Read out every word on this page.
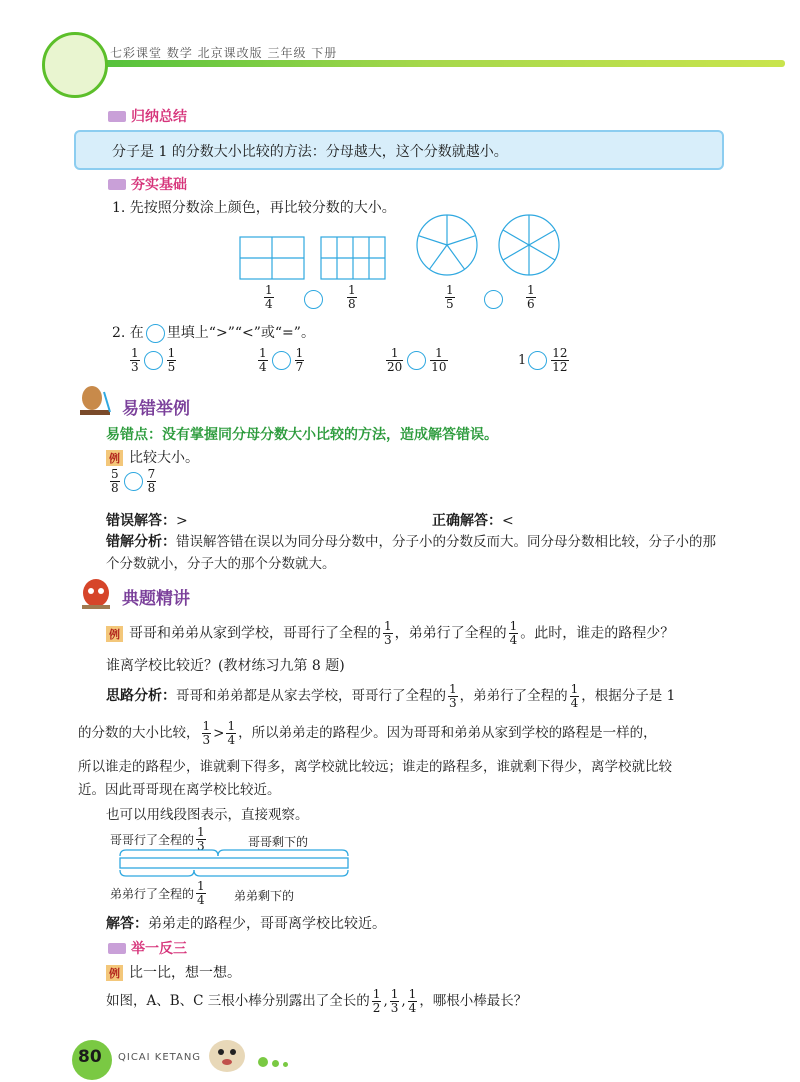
七彩课堂 数学 北京课改版 三年级 下册
归纳总结
分子是 1 的分数大小比较的方法：分母越大，这个分数就越小。
夯实基础
1. 先按照分数涂上颜色，再比较分数的大小。
$\frac{1}{4}$	$\frac{1}{8}$	$\frac{1}{5}$	$\frac{1}{6}$
2. 在 里填上“>”“<”或“=”。
$\frac{1}{3} \frac{1}{5}$	$\frac{1}{4} \frac{1}{7}$	$\frac{1}{20} \frac{1}{10}$	$1 \frac{12}{12}$
易错举例
易错点：没有掌握同分母分数大小比较的方法，造成解答错误。
例 比较大小。
$\frac{5}{8} \frac{7}{8}$
错误解答：>	正确解答：<
错解分析：错误解答错在误以为同分母分数中，分子小的分数反而大。同分母分数相比较，分子小的那个分数就小，分子大的那个分数就大。
典题精讲
例 哥哥和弟弟从家到学校，哥哥行了全程的 $\frac{1}{3}$ ，弟弟行了全程的 $\frac{1}{4}$ 。此时，谁走的路程少？
谁离学校比较近？(教材练习九第 8 题)
思路分析：哥哥和弟弟都是从家去学校，哥哥行了全程的 $\frac{1}{3}$ ，弟弟行了全程的 $\frac{1}{4}$ ，根据分子是 1
的分数的大小比较， $\frac{1}{3} > \frac{1}{4}$ ，所以弟弟走的路程少。因为哥哥和弟弟从家到学校的路程是一样的，
所以谁走的路程少，谁就剩下得多，离学校就比较远；谁走的路程多，谁就剩下得少，离学校就比较
近。因此哥哥现在离学校比较近。
也可以用线段图表示，直接观察。
哥哥行了全程的 $\frac{1}{3}$	哥哥剩下的
弟弟行了全程的 $\frac{1}{4}$ 弟弟剩下的
解答：弟弟走的路程少，哥哥离学校比较近。
举一反三
例 比一比，想一想。
如图，A、B、C 三根小棒分别露出了全长的 $\frac{1}{2}$ , $\frac{1}{3}$ , $\frac{1}{4}$ ，哪根小棒最长？
80 QICAI KETANG
